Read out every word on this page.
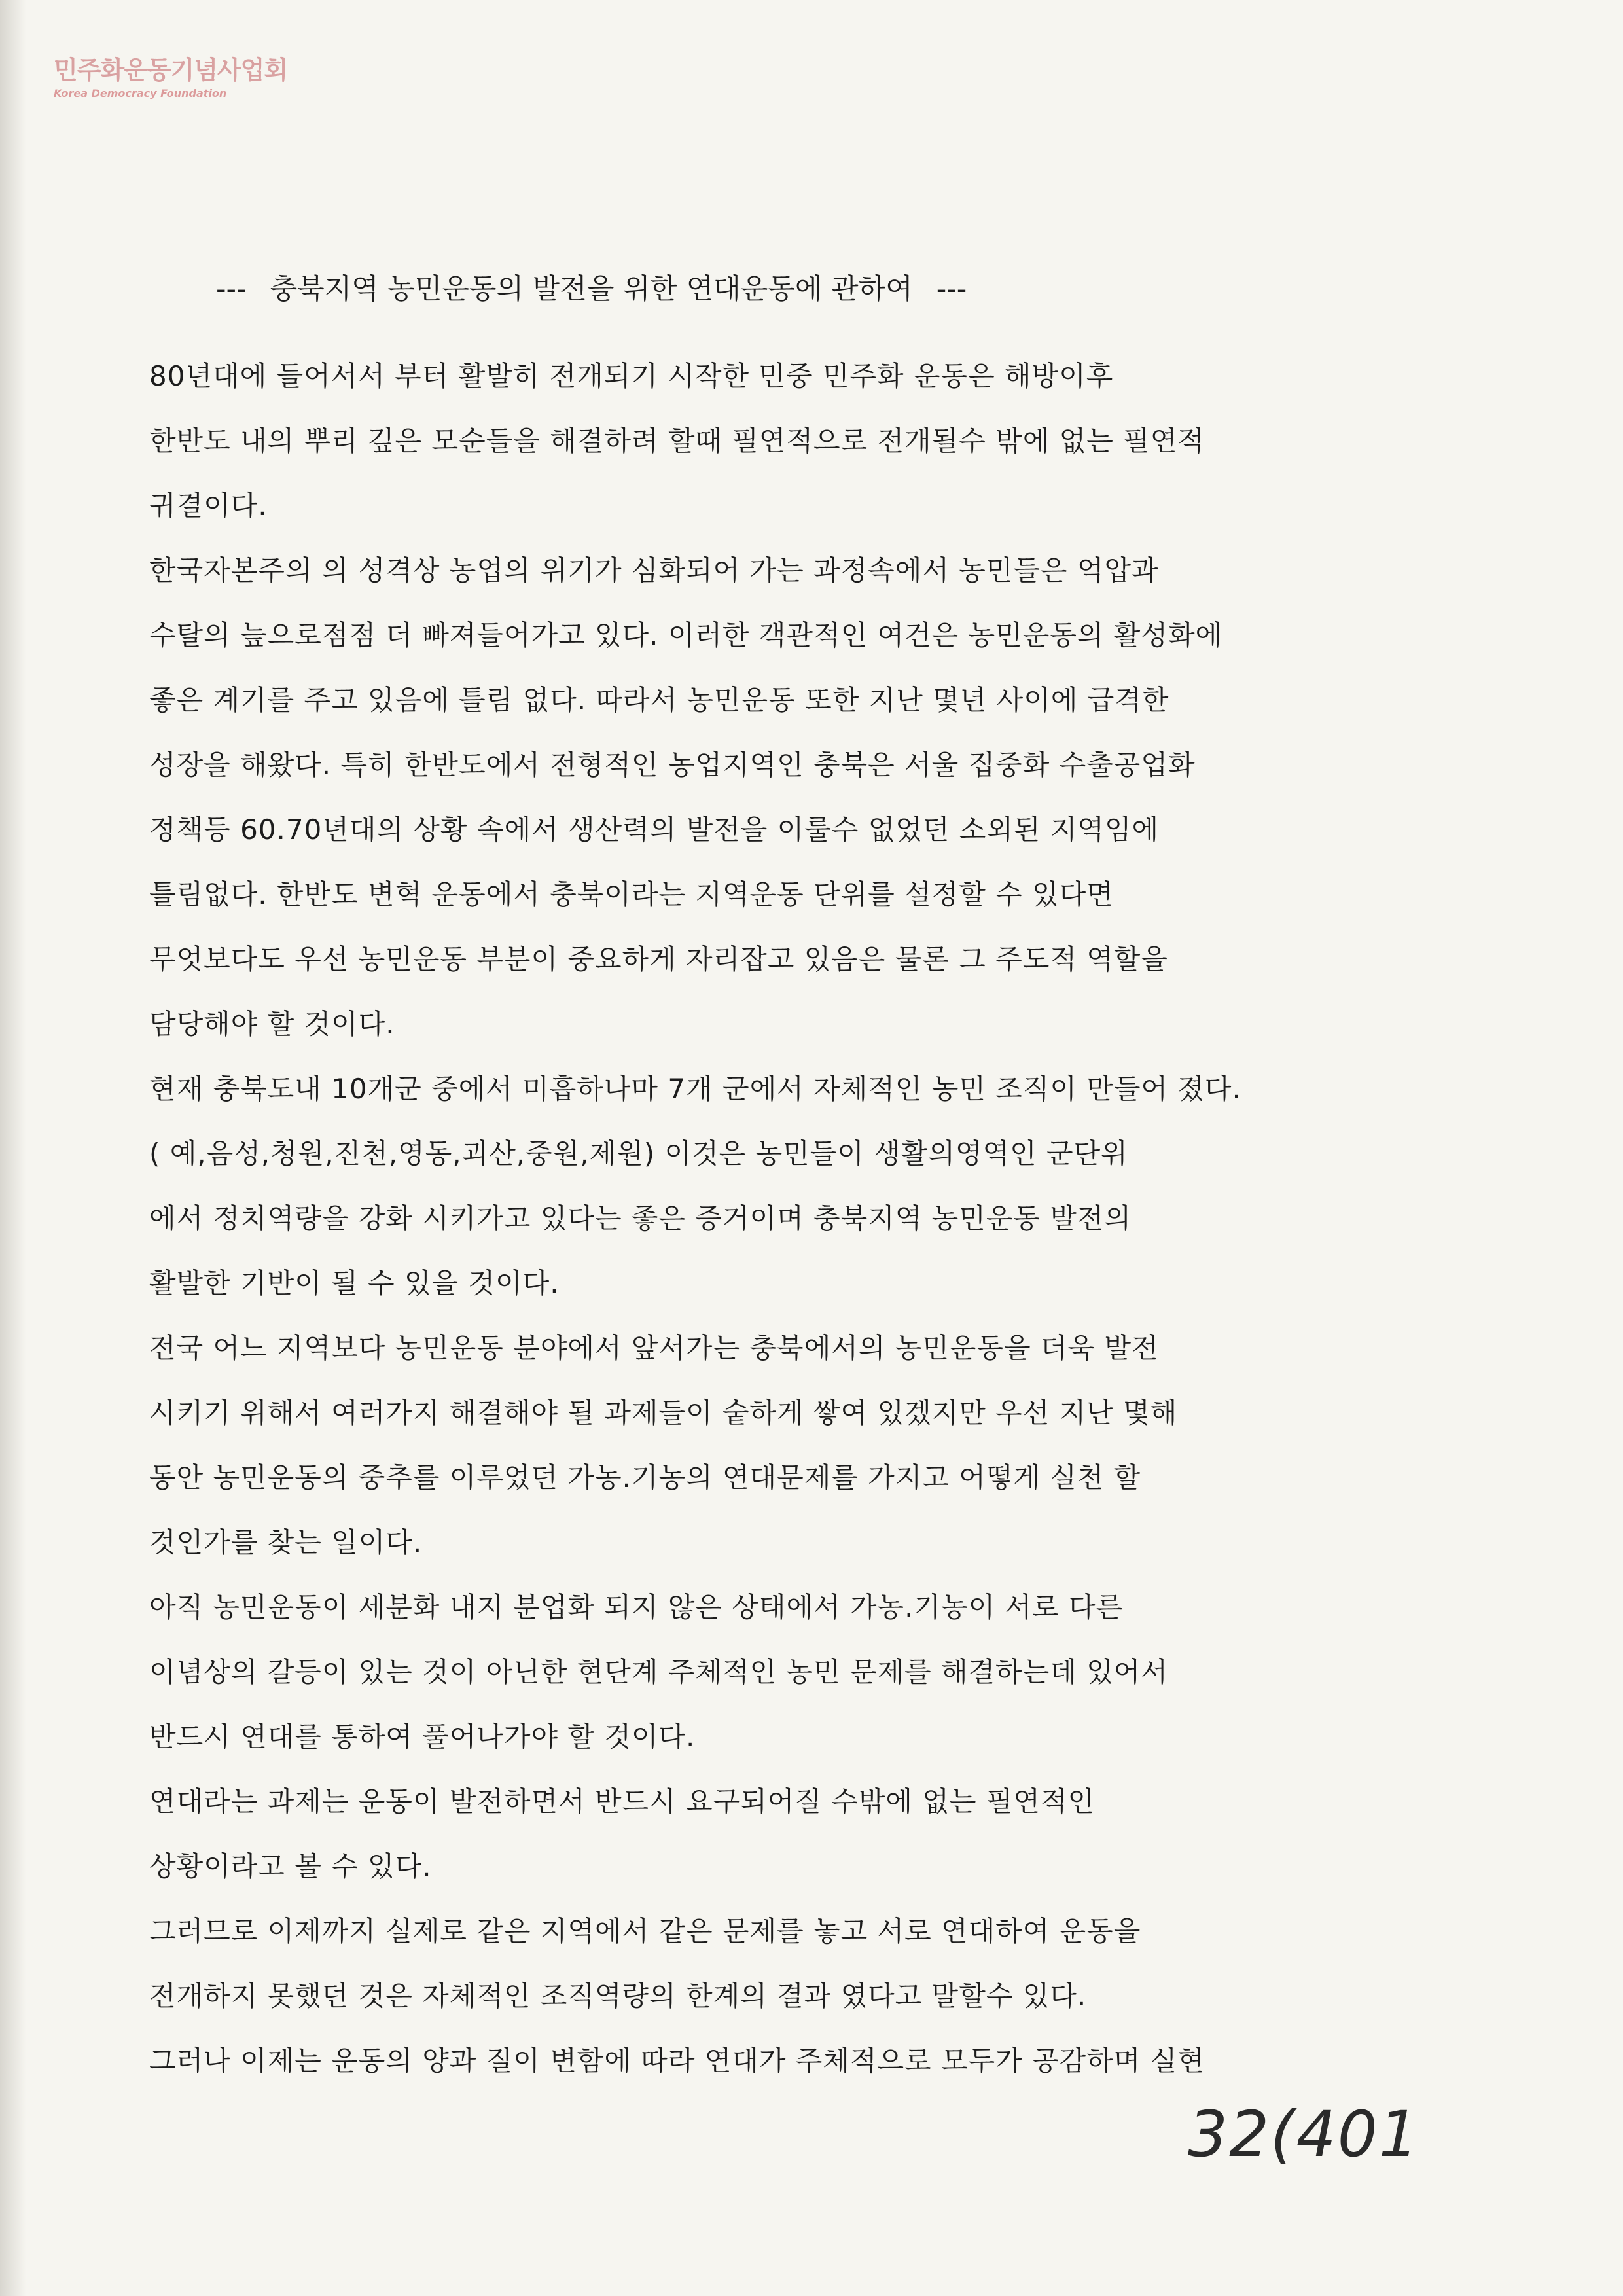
민주화운동기념사업회
Korea Democracy Foundation
--- 충북지역 농민운동의 발전을 위한 연대운동에 관하여 ---
80년대에 들어서서 부터 활발히 전개되기 시작한 민중 민주화 운동은 해방이후
한반도 내의 뿌리 깊은 모순들을 해결하려 할때 필연적으로 전개될수 밖에 없는 필연적
귀결이다.
한국자본주의 의 성격상 농업의 위기가 심화되어 가는 과정속에서 농민들은 억압과
수탈의 늪으로점점 더 빠져들어가고 있다. 이러한 객관적인 여건은 농민운동의 활성화에
좋은 계기를 주고 있음에 틀림 없다. 따라서 농민운동 또한 지난 몇년 사이에 급격한
성장을 해왔다. 특히 한반도에서 전형적인 농업지역인 충북은 서울 집중화 수출공업화
정책등 60.70년대의 상황 속에서 생산력의 발전을 이룰수 없었던 소외된 지역임에
틀림없다. 한반도 변혁 운동에서 충북이라는 지역운동 단위를 설정할 수 있다면
무엇보다도 우선 농민운동 부분이 중요하게 자리잡고 있음은 물론 그 주도적 역할을
담당해야 할 것이다.
현재 충북도내 10개군 중에서 미흡하나마 7개 군에서 자체적인 농민 조직이 만들어 졌다.
( 예,음성,청원,진천,영동,괴산,중원,제원) 이것은 농민들이 생활의영역인 군단위
에서 정치역량을 강화 시키가고 있다는 좋은 증거이며 충북지역 농민운동 발전의
활발한 기반이 될 수 있을 것이다.
전국 어느 지역보다 농민운동 분야에서 앞서가는 충북에서의 농민운동을 더욱 발전
시키기 위해서 여러가지 해결해야 될 과제들이 숱하게 쌓여 있겠지만 우선 지난 몇해
동안 농민운동의 중추를 이루었던 가농.기농의 연대문제를 가지고 어떻게 실천 할
것인가를 찾는 일이다.
아직 농민운동이 세분화 내지 분업화 되지 않은 상태에서 가농.기농이 서로 다른
이념상의 갈등이 있는 것이 아닌한 현단계 주체적인 농민 문제를 해결하는데 있어서
반드시 연대를 통하여 풀어나가야 할 것이다.
연대라는 과제는 운동이 발전하면서 반드시 요구되어질 수밖에 없는 필연적인
상황이라고 볼 수 있다.
그러므로 이제까지 실제로 같은 지역에서 같은 문제를 놓고 서로 연대하여 운동을
전개하지 못했던 것은 자체적인 조직역량의 한계의 결과 였다고 말할수 있다.
그러나 이제는 운동의 양과 질이 변함에 따라 연대가 주체적으로 모두가 공감하며 실현
32(401
